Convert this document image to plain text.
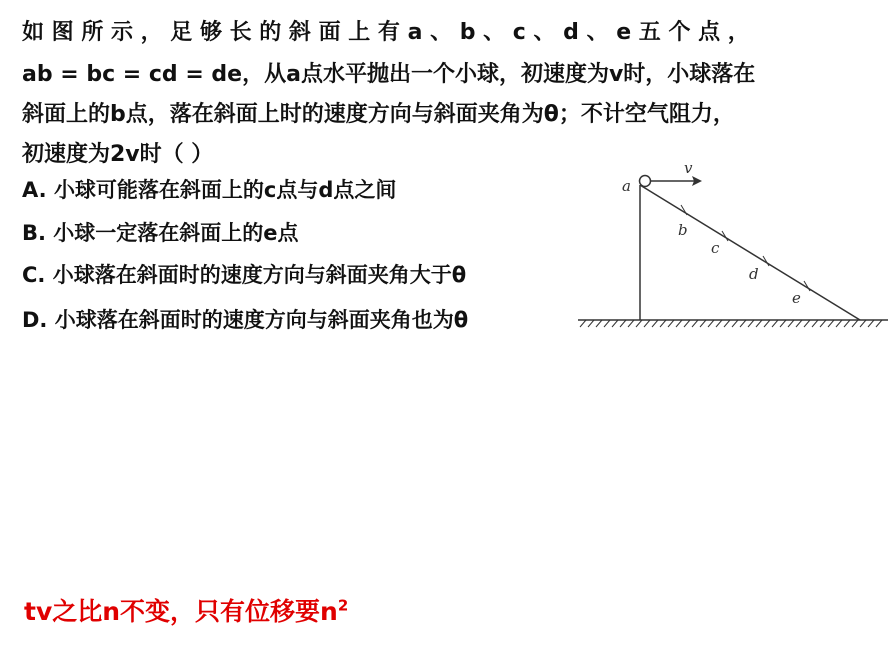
如 图 所 示 ， 足 够 长 的 斜 面 上 有 a 、 b 、 c 、 d 、 e 五 个 点 ，
ab = bc = cd = de，从a点水平抛出一个小球，初速度为v时，小球落在
斜面上的b点，落在斜面上时的速度方向与斜面夹角为θ；不计空气阻力，
初速度为2v时（ ）
A. 小球可能落在斜面上的c点与d点之间
B. 小球一定落在斜面上的e点
C. 小球落在斜面时的速度方向与斜面夹角大于θ
D. 小球落在斜面时的速度方向与斜面夹角也为θ
v
a
b
c
d
e
tv之比n不变，只有位移要$n^2$
